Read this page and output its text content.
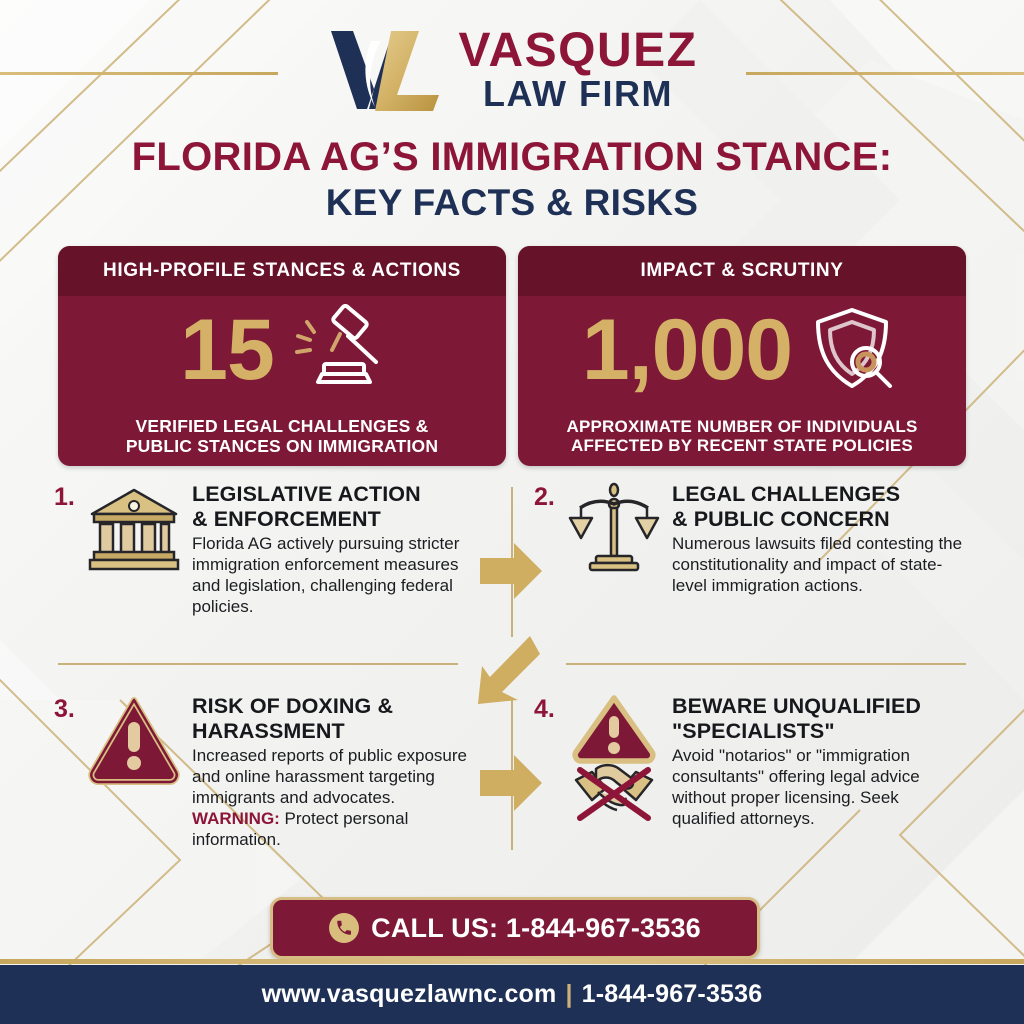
VASQUEZ
LAW FIRM
FLORIDA AG’S IMMIGRATION STANCE:
KEY FACTS & RISKS
HIGH-PROFILE STANCES & ACTIONS
15
VERIFIED LEGAL CHALLENGES &
PUBLIC STANCES ON IMMIGRATION
IMPACT & SCRUTINY
1,000
APPROXIMATE NUMBER OF INDIVIDUALS
AFFECTED BY RECENT STATE POLICIES
1.	LEGISLATIVE ACTION
& ENFORCEMENT
Florida AG actively pursuing stricter immigration enforcement measures and legislation, challenging federal policies.
2.	LEGAL CHALLENGES
& PUBLIC CONCERN
Numerous lawsuits filed contesting the constitutionality and impact of state-level immigration actions.
3.	RISK OF DOXING &
HARASSMENT
Increased reports of public exposure and online harassment targeting immigrants and advocates. WARNING: Protect personal information.
4.	BEWARE UNQUALIFIED
"SPECIALISTS"
Avoid "notarios" or "immigration consultants" offering legal advice without proper licensing. Seek qualified attorneys.
CALL US: 1-844-967-3536
www.vasquezlawnc.com | 1-844-967-3536
